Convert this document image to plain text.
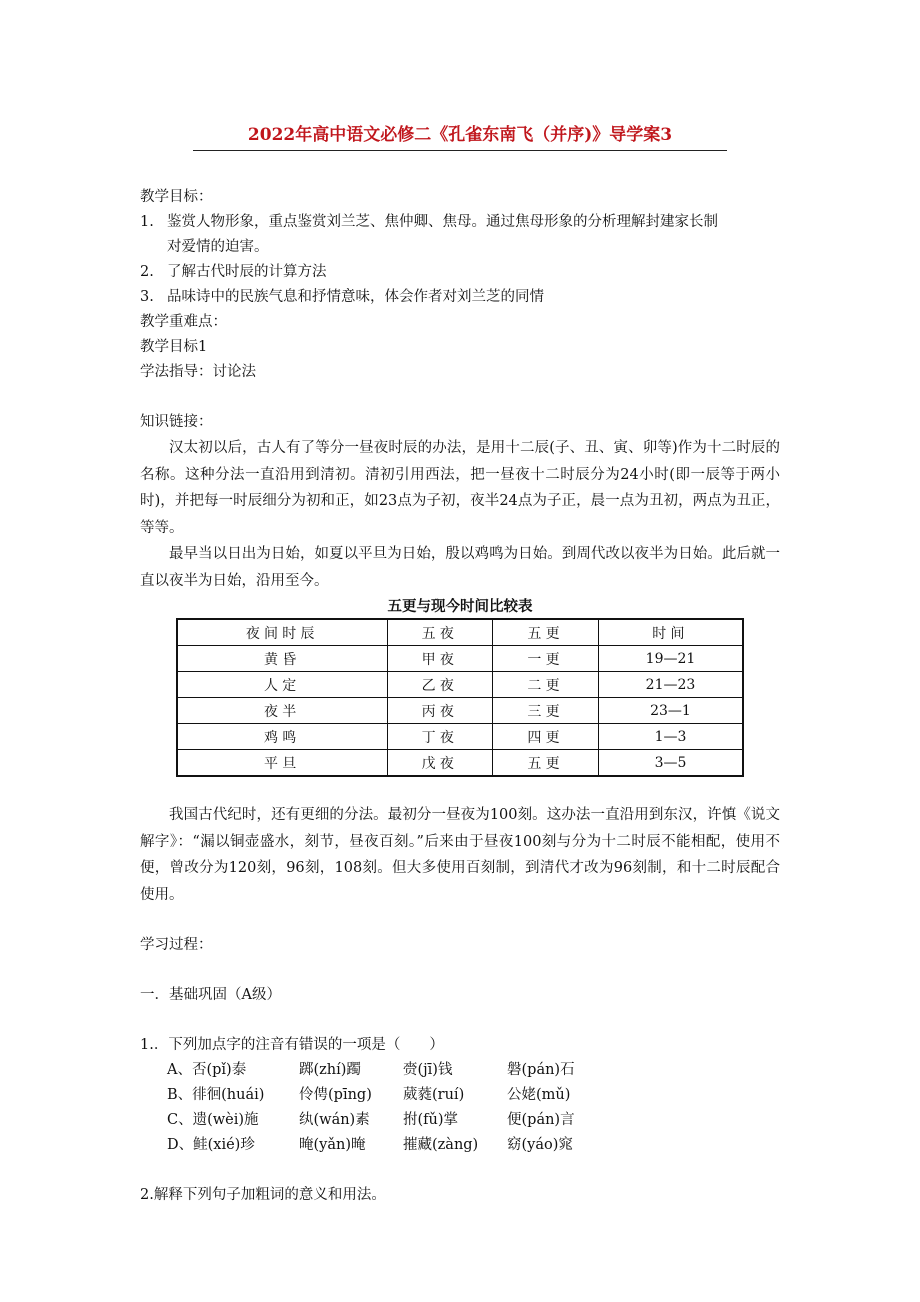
2022年高中语文必修二《孔雀东南飞（并序)》导学案3
教学目标：
1. 鉴赏人物形象，重点鉴赏刘兰芝、焦仲卿、焦母。通过焦母形象的分析理解封建家长制
对爱情的迫害。
2. 了解古代时辰的计算方法
3. 品味诗中的民族气息和抒情意味，体会作者对刘兰芝的同情
教学重难点：
教学目标1
学法指导：讨论法
知识链接：

汉太初以后，古人有了等分一昼夜时辰的办法，是用十二辰(子、丑、寅、卯等)作为十二时辰的名称。这种分法一直沿用到清初。清初引用西法，把一昼夜十二时辰分为24小时(即一辰等于两小时)，并把每一时辰细分为初和正，如23点为子初，夜半24点为子正，晨一点为丑初，两点为丑正，等等。

最早当以日出为日始，如夏以平旦为日始，殷以鸡鸣为日始。到周代改以夜半为日始。此后就一直以夜半为日始，沿用至今。

五更与现今时间比较表
夜间时辰	五夜	五更	时间
黄昏	甲夜	一更	19—21
人定	乙夜	二更	21—23
夜半	丙夜	三更	23—1
鸡鸣	丁夜	四更	1—3
平旦	戊夜	五更	3—5

我国古代纪时，还有更细的分法。最初分一昼夜为100刻。这办法一直沿用到东汉，许慎《说文解字》：“漏以铜壶盛水，刻节，昼夜百刻。”后来由于昼夜100刻与分为十二时辰不能相配，使用不便，曾改分为120刻，96刻，108刻。但大多使用百刻制，到清代才改为96刻制，和十二时辰配合使用。

学习过程：
一．基础巩固（A级）
1.．下列加点字的注音有错误的一项是（　　）
A、否(pǐ)泰	踯(zhí)躅	赍(jī)钱	磐(pán)石
B、徘徊(huái) 伶俜(pīng) 葳蕤(ruí)	公姥(mǔ)
C、遗(wèi)施	纨(wán)素 拊(fǔ)掌	便(pán)言
D、鲑(xié)珍	晻(yǎn)晻	摧藏(zàng) 窈(yáo)窕
2.解释下列句子加粗词的意义和用法。
